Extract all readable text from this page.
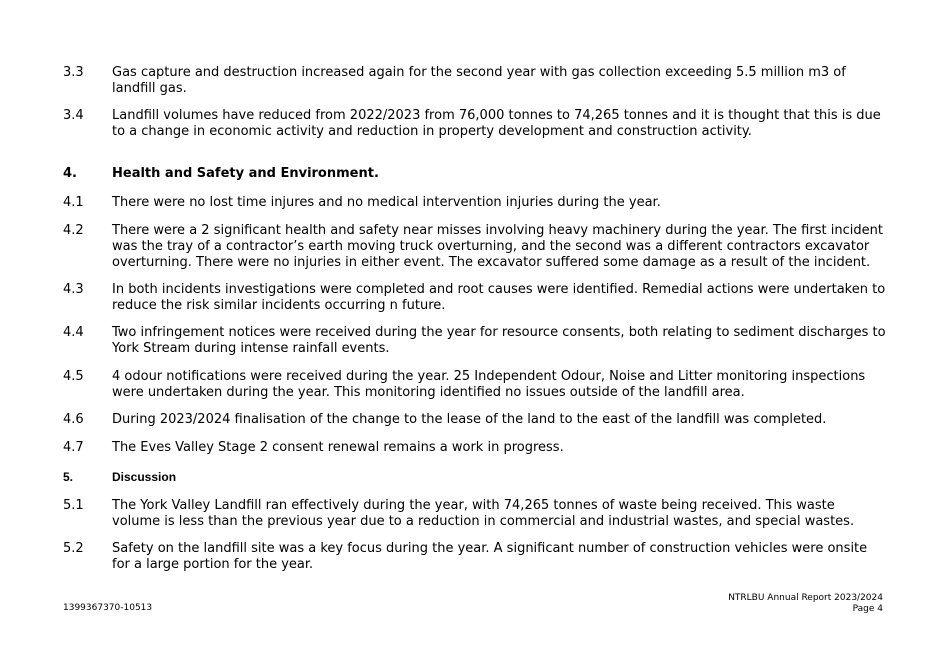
3.3 Gas capture and destruction increased again for the second year with gas collection exceeding 5.5 million m3 of landfill gas.
3.4 Landfill volumes have reduced from 2022/2023 from 76,000 tonnes to 74,265 tonnes and it is thought that this is due to a change in economic activity and reduction in property development and construction activity.
4.	Health and Safety and Environment.
4.1 There were no lost time injures and no medical intervention injuries during the year.
4.2 There were a 2 significant health and safety near misses involving heavy machinery during the year. The first incident was the tray of a contractor’s earth moving truck overturning, and the second was a different contractors excavator overturning. There were no injuries in either event. The excavator suffered some damage as a result of the incident.
4.3 In both incidents investigations were completed and root causes were identified. Remedial actions were undertaken to reduce the risk similar incidents occurring n future.
4.4 Two infringement notices were received during the year for resource consents, both relating to sediment discharges to York Stream during intense rainfall events.
4.5 4 odour notifications were received during the year. 25 Independent Odour, Noise and Litter monitoring inspections were undertaken during the year. This monitoring identified no issues outside of the landfill area.
4.6 During 2023/2024 finalisation of the change to the lease of the land to the east of the landfill was completed.
4.7 The Eves Valley Stage 2 consent renewal remains a work in progress.
5.	Discussion
5.1 The York Valley Landfill ran effectively during the year, with 74,265 tonnes of waste being received. This waste volume is less than the previous year due to a reduction in commercial and industrial wastes, and special wastes.
5.2 Safety on the landfill site was a key focus during the year. A significant number of construction vehicles were onsite for a large portion for the year.
1399367370-10513
NTRLBU Annual Report 2023/2024
Page 4
